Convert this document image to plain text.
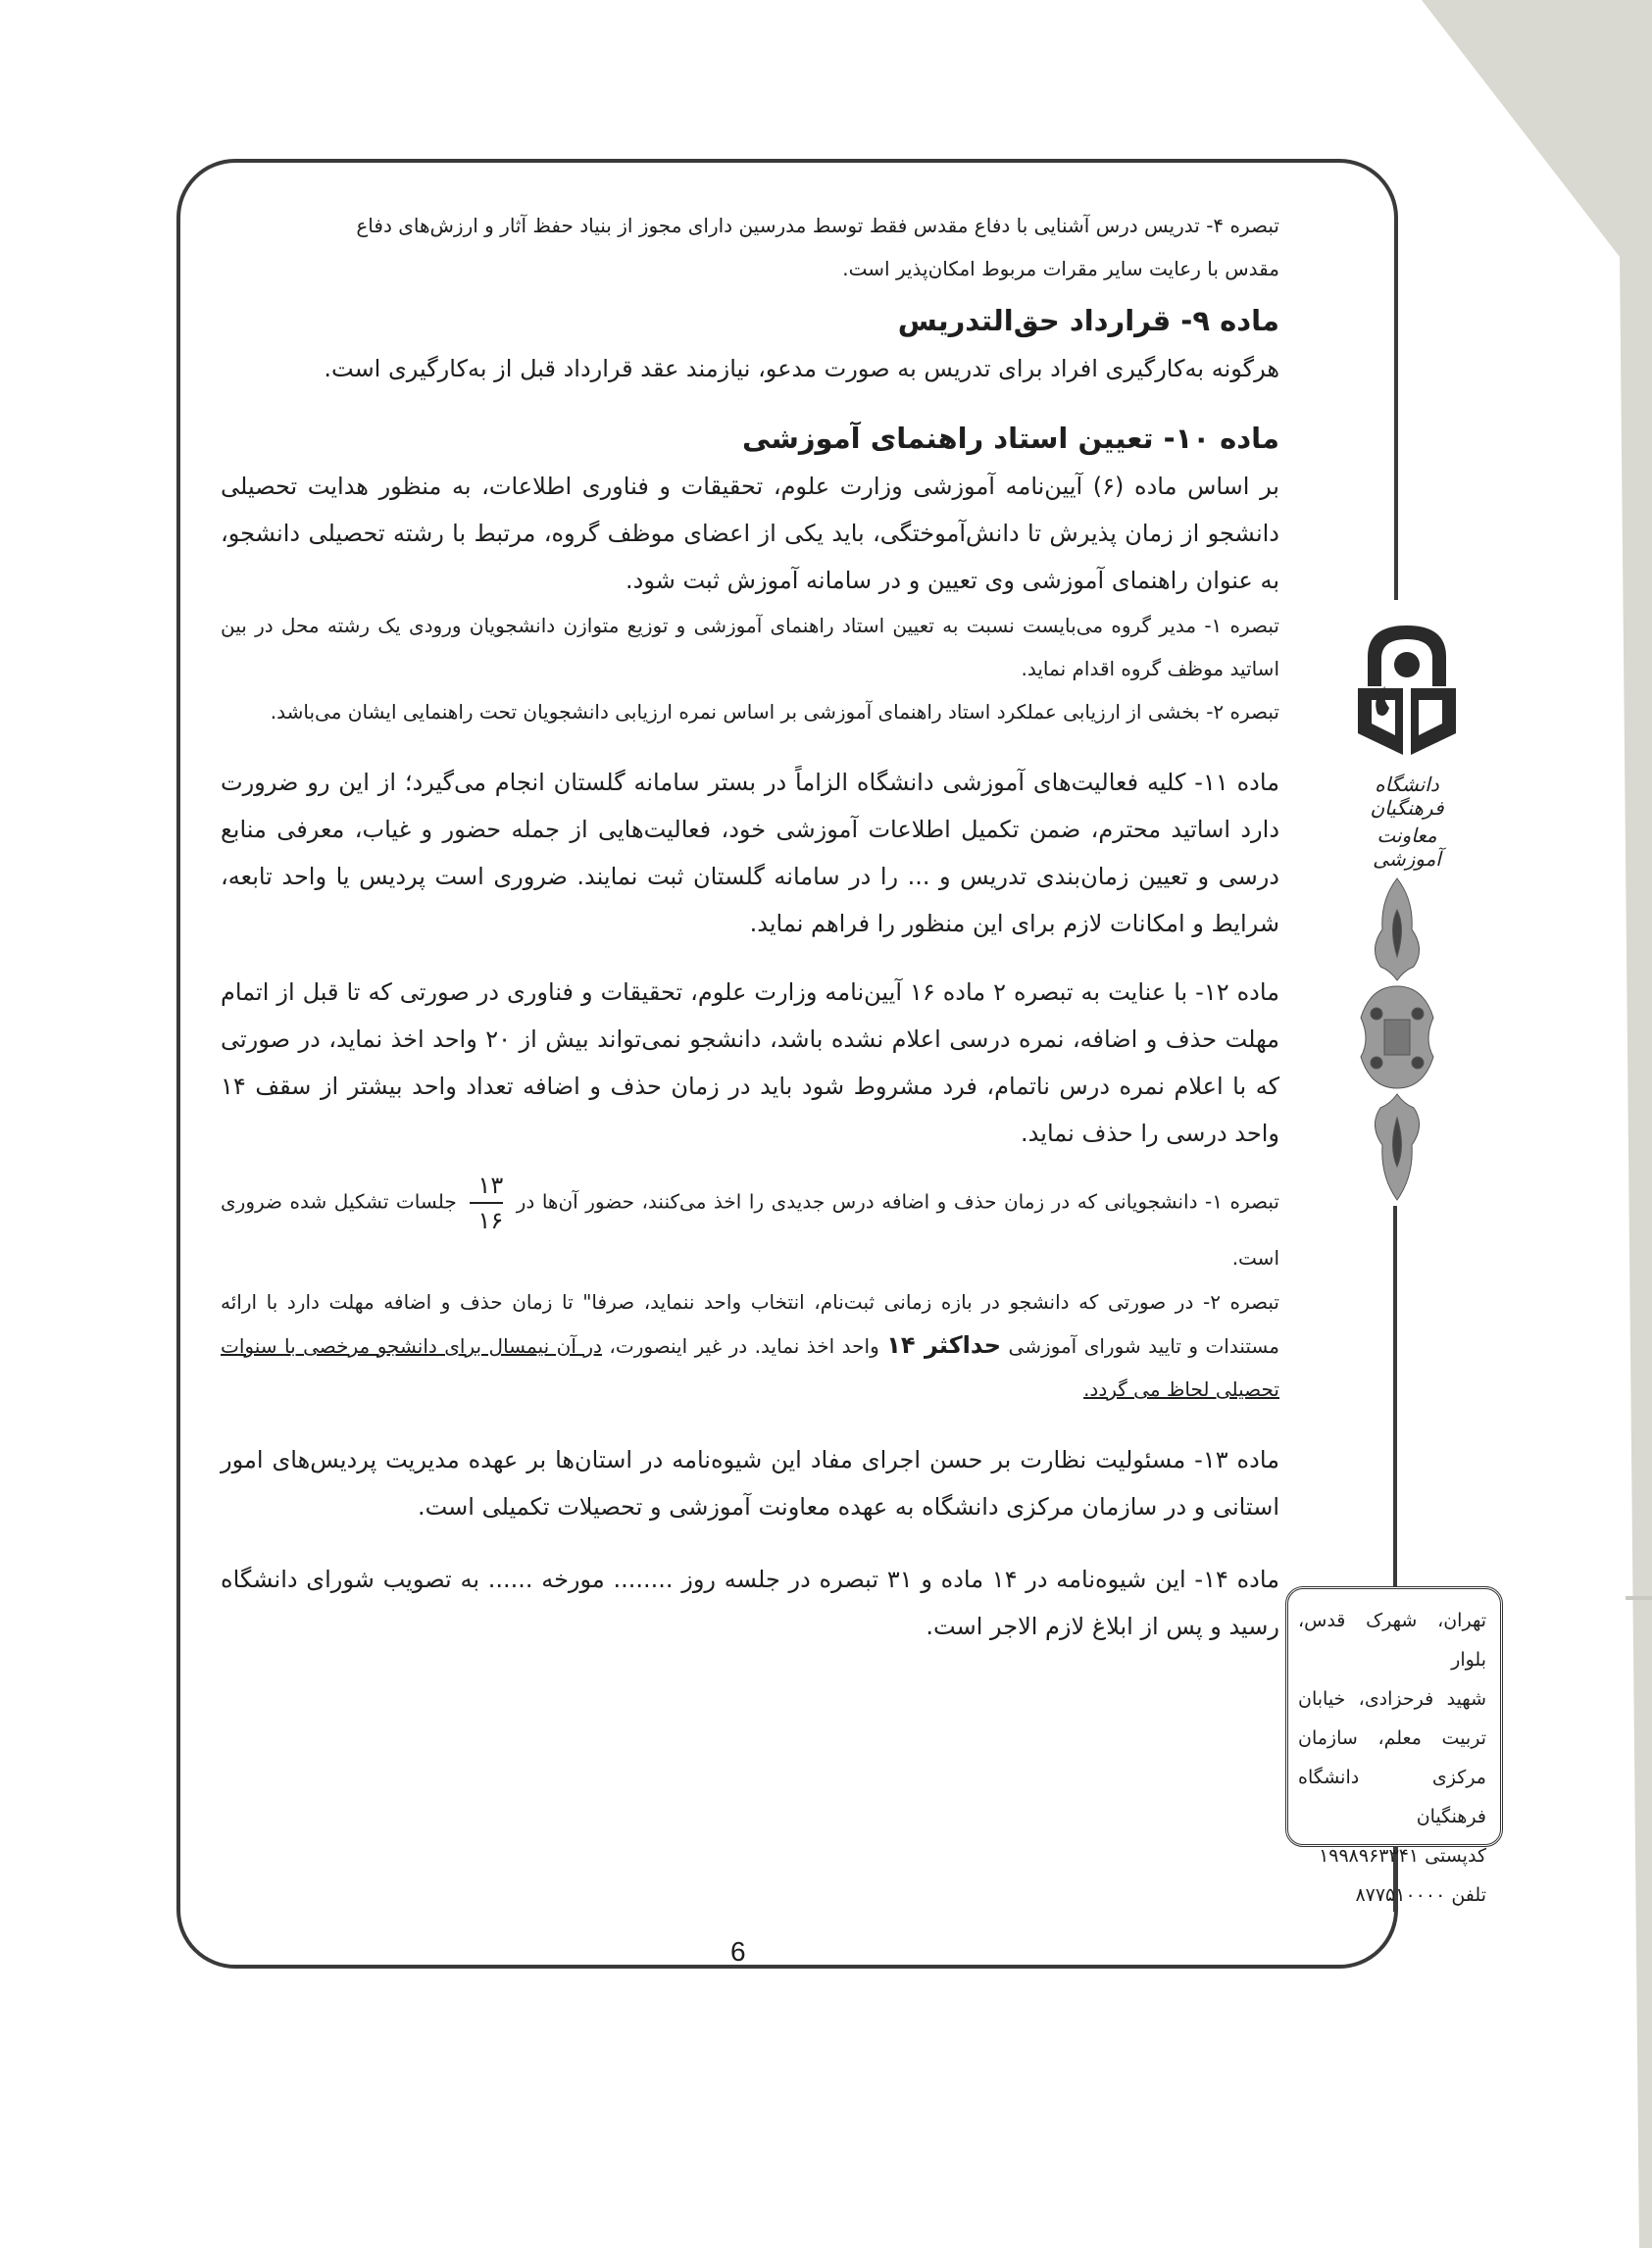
تبصره ۴- تدریس درس آشنایی با دفاع مقدس فقط توسط مدرسین دارای مجوز از بنیاد حفظ آثار و ارزش‌های دفاع
مقدس با رعایت سایر مقرات مربوط امکان‌پذیر است.

ماده ۹- قرارداد حق‌التدریس

هرگونه به‌کارگیری افراد برای تدریس به صورت مدعو، نیازمند عقد قرارداد قبل از به‌کارگیری است.

ماده ۱۰- تعیین استاد راهنمای آموزشی

بر اساس ماده (۶) آیین‌نامه آموزشی وزارت علوم، تحقیقات و فناوری اطلاعات، به منظور هدایت تحصیلی دانشجو از زمان پذیرش تا دانش‌آموختگی، باید یکی از اعضای موظف گروه، مرتبط با رشته تحصیلی دانشجو، به عنوان راهنمای آموزشی وی تعیین و در سامانه آموزش ثبت شود.

تبصره ۱- مدیر گروه می‌بایست نسبت به تعیین استاد راهنمای آموزشی و توزیع متوازن دانشجویان ورودی یک رشته محل در بین اساتید موظف گروه اقدام نماید.

تبصره ۲- بخشی از ارزیابی عملکرد استاد راهنمای آموزشی بر اساس نمره ارزیابی دانشجویان تحت راهنمایی ایشان می‌باشد.

ماده ۱۱- کلیه فعالیت‌های آموزشی دانشگاه الزاماً در بستر سامانه گلستان انجام می‌گیرد؛ از این رو ضرورت دارد اساتید محترم، ضمن تکمیل اطلاعات آموزشی خود، فعالیت‌هایی از جمله حضور و غیاب، معرفی منابع درسی و تعیین زمان‌بندی تدریس و ... را در سامانه گلستان ثبت نمایند. ضروری است پردیس یا واحد تابعه، شرایط و امکانات لازم برای این منظور را فراهم نماید.

ماده ۱۲- با عنایت به تبصره ۲ ماده ۱۶ آیین‌نامه وزارت علوم، تحقیقات و فناوری در صورتی که تا قبل از اتمام مهلت حذف و اضافه، نمره درسی اعلام نشده باشد، دانشجو نمی‌تواند بیش از ۲۰ واحد اخذ نماید، در صورتی که با اعلام نمره درس ناتمام، فرد مشروط شود باید در زمان حذف و اضافه تعداد واحد بیشتر از سقف ۱۴ واحد درسی را حذف نماید.

تبصره ۱- دانشجویانی که در زمان حذف و اضافه درس جدیدی را اخذ می‌کنند، حضور آن‌ها در $\frac{۱۳}{۱۶}$ جلسات تشکیل شده ضروری است.

تبصره ۲- در صورتی که دانشجو در بازه زمانی ثبت‌نام، انتخاب واحد ننماید، صرفا" تا زمان حذف و اضافه مهلت دارد با ارائه مستندات و تایید شورای آموزشی حداکثر ۱۴ واحد اخذ نماید. در غیر اینصورت، در آن نیمسال برای دانشجو مرخصی با سنوات تحصیلی لحاظ می گردد.

ماده ۱۳- مسئولیت نظارت بر حسن اجرای مفاد این شیوه‌نامه در استان‌ها بر عهده مدیریت پردیس‌های امور استانی و در سازمان مرکزی دانشگاه به عهده معاونت آموزشی و تحصیلات تکمیلی است.

ماده ۱۴- این شیوه‌نامه در ۱۴ ماده و ۳۱ تبصره در جلسه روز ........ مورخه ...... به تصویب شورای دانشگاه رسید و پس از ابلاغ لازم الاجر است.

دانشگاه فرهنگیان
معاونت آموزشی
تهران، شهرک قدس، بلوار
شهید فرحزادی، خیابان
تربیت معلم، سازمان
مرکزی دانشگاه فرهنگیان
کدپستی ۱۹۹۸۹۶۳۳۴۱
تلفن ۸۷۷۵۱۰۰۰۰
6
